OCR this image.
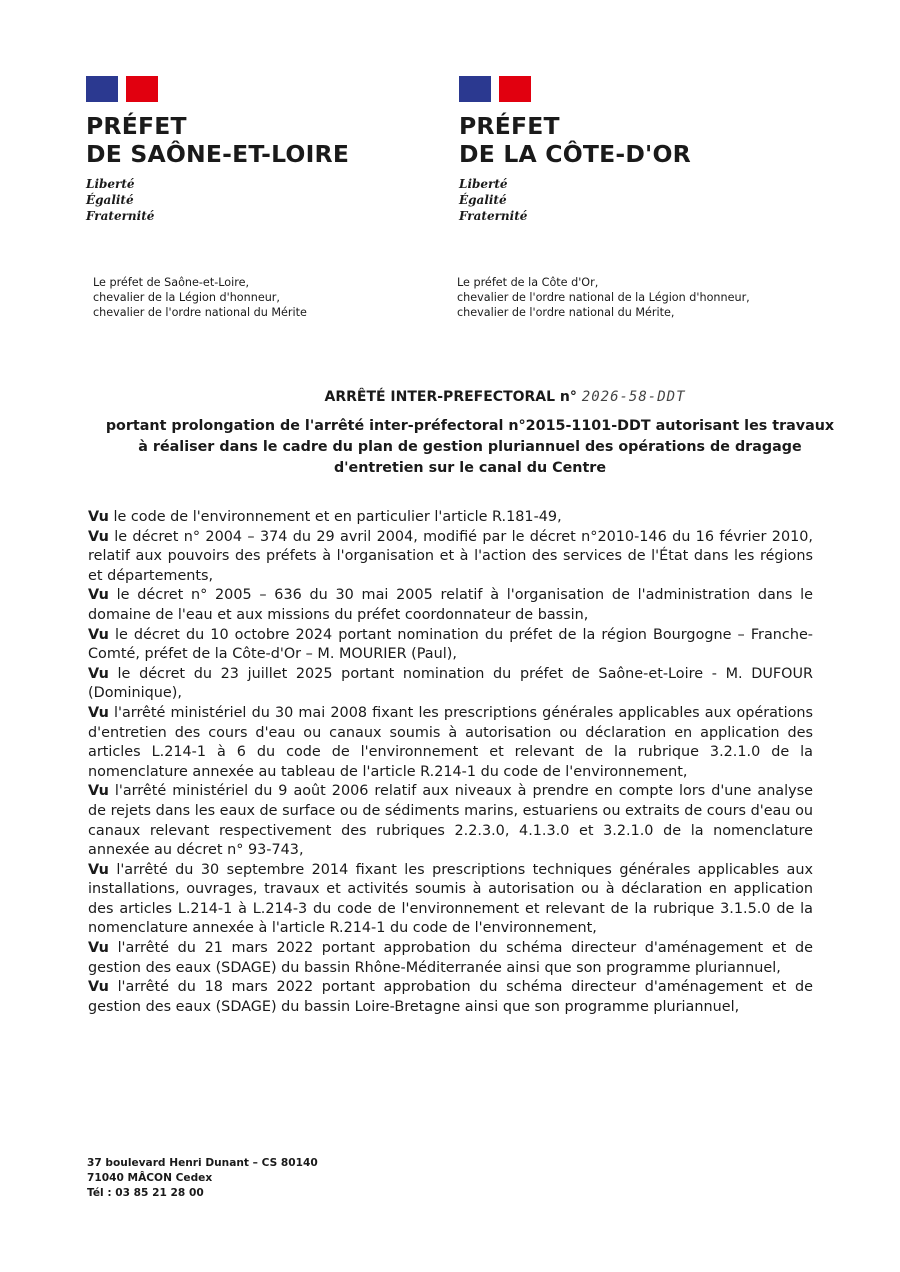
PRÉFET
DE SAÔNE-ET-LOIRE
Liberté
Égalité
Fraternité
PRÉFET
DE LA CÔTE-D'OR
Liberté
Égalité
Fraternité
Le préfet de Saône-et-Loire,
chevalier de la Légion d'honneur,
chevalier de l'ordre national du Mérite
Le préfet de la Côte d'Or,
chevalier de l'ordre national de la Légion d'honneur,
chevalier de l'ordre national du Mérite,
ARRÊTÉ INTER-PREFECTORAL n° 2026-58-DDT
portant prolongation de l'arrêté inter-préfectoral n°2015-1101-DDT autorisant les travaux à réaliser dans le cadre du plan de gestion pluriannuel des opérations de dragage d'entretien sur le canal du Centre
Vu le code de l'environnement et en particulier l'article R.181-49,
Vu le décret n° 2004 – 374 du 29 avril 2004, modifié par le décret n°2010-146 du 16 février 2010, relatif aux pouvoirs des préfets à l'organisation et à l'action des services de l'État dans les régions et départements,
Vu le décret n° 2005 – 636 du 30 mai 2005 relatif à l'organisation de l'administration dans le domaine de l'eau et aux missions du préfet coordonnateur de bassin,
Vu le décret du 10 octobre 2024 portant nomination du préfet de la région Bourgogne – Franche-Comté, préfet de la Côte-d'Or – M. MOURIER (Paul),
Vu le décret du 23 juillet 2025 portant nomination du préfet de Saône-et-Loire - M. DUFOUR (Dominique),
Vu l'arrêté ministériel du 30 mai 2008 fixant les prescriptions générales applicables aux opérations d'entretien des cours d'eau ou canaux soumis à autorisation ou déclaration en application des articles L.214-1 à 6 du code de l'environnement et relevant de la rubrique 3.2.1.0 de la nomenclature annexée au tableau de l'article R.214-1 du code de l'environnement,
Vu l'arrêté ministériel du 9 août 2006 relatif aux niveaux à prendre en compte lors d'une analyse de rejets dans les eaux de surface ou de sédiments marins, estuariens ou extraits de cours d'eau ou canaux relevant respectivement des rubriques 2.2.3.0, 4.1.3.0 et 3.2.1.0 de la nomenclature annexée au décret n° 93-743,
Vu l'arrêté du 30 septembre 2014 fixant les prescriptions techniques générales applicables aux installations, ouvrages, travaux et activités soumis à autorisation ou à déclaration en application des articles L.214-1 à L.214-3 du code de l'environnement et relevant de la rubrique 3.1.5.0 de la nomenclature annexée à l'article R.214-1 du code de l'environnement,
Vu l'arrêté du 21 mars 2022 portant approbation du schéma directeur d'aménagement et de gestion des eaux (SDAGE) du bassin Rhône-Méditerranée ainsi que son programme pluriannuel,
Vu l'arrêté du 18 mars 2022 portant approbation du schéma directeur d'aménagement et de gestion des eaux (SDAGE) du bassin Loire-Bretagne ainsi que son programme pluriannuel,
37 boulevard Henri Dunant – CS 80140
71040 MÂCON Cedex
Tél : 03 85 21 28 00
